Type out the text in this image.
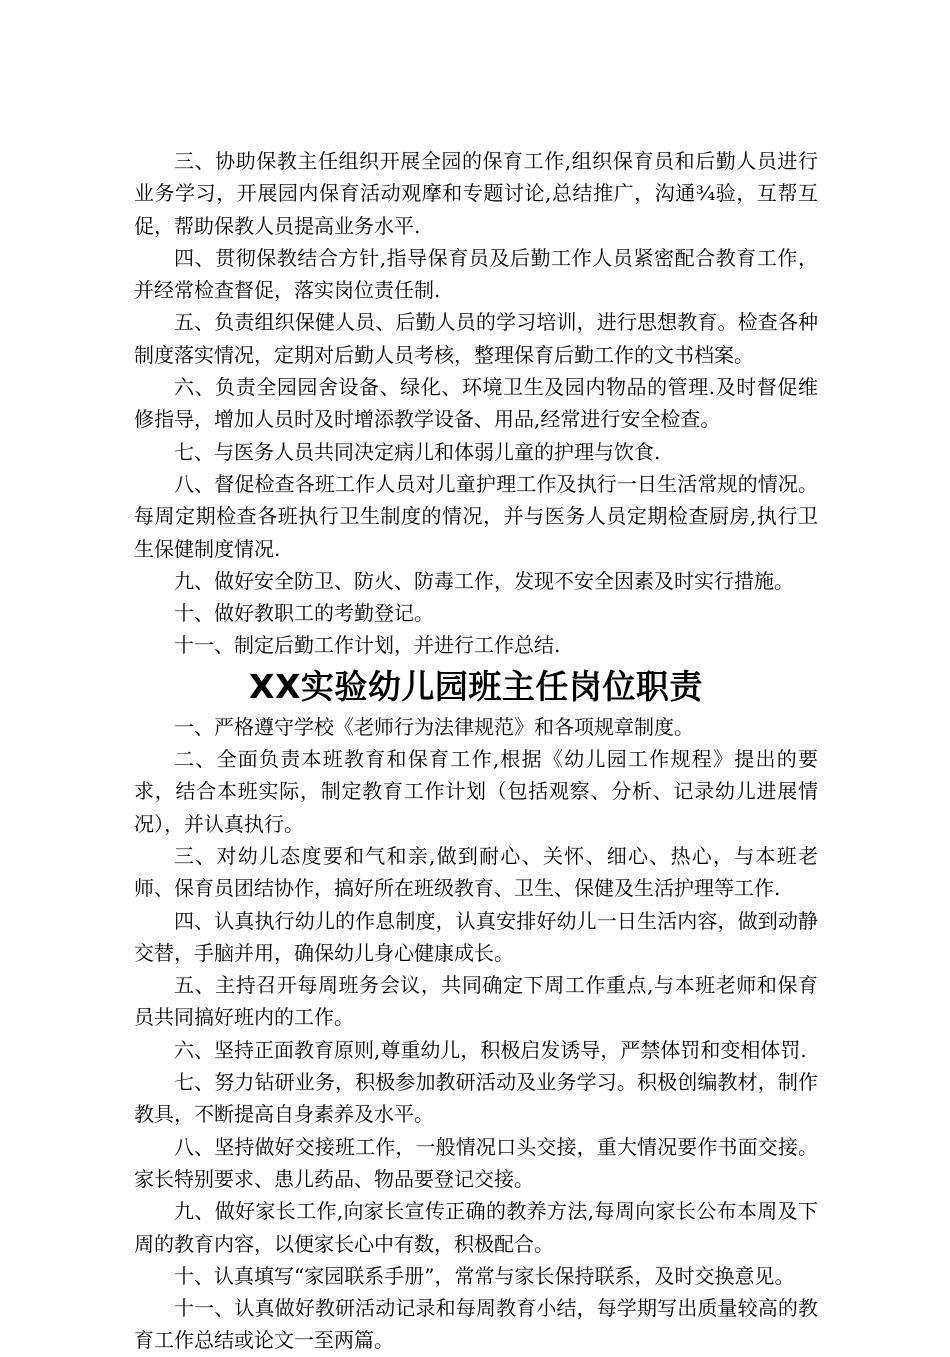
三、协助保教主任组织开展全园的保育工作,组织保育员和后勤人员进行业务学习，开展园内保育活动观摩和专题讨论,总结推广，沟通¾验，互帮互促，帮助保教人员提高业务水平.

四、贯彻保教结合方针,指导保育员及后勤工作人员紧密配合教育工作，并经常检查督促，落实岗位责任制.

五、负责组织保健人员、后勤人员的学习培训，进行思想教育。检查各种制度落实情况，定期对后勤人员考核，整理保育后勤工作的文书档案。

六、负责全园园舍设备、绿化、环境卫生及园内物品的管理.及时督促维修指导，增加人员时及时增添教学设备、用品,经常进行安全检查。

七、与医务人员共同决定病儿和体弱儿童的护理与饮食.

八、督促检查各班工作人员对儿童护理工作及执行一日生活常规的情况。每周定期检查各班执行卫生制度的情况，并与医务人员定期检查厨房,执行卫生保健制度情况.

九、做好安全防卫、防火、防毒工作，发现不安全因素及时实行措施。

十、做好教职工的考勤登记。

十一、制定后勤工作计划，并进行工作总结.

XX实验幼儿园班主任岗位职责

一、严格遵守学校《老师行为法律规范》和各项规章制度。

二、全面负责本班教育和保育工作,根据《幼儿园工作规程》提出的要求，结合本班实际，制定教育工作计划（包括观察、分析、记录幼儿进展情况），并认真执行。

三、对幼儿态度要和气和亲,做到耐心、关怀、细心、热心，与本班老师、保育员团结协作，搞好所在班级教育、卫生、保健及生活护理等工作.

四、认真执行幼儿的作息制度，认真安排好幼儿一日生活内容，做到动静交替，手脑并用，确保幼儿身心健康成长。

五、主持召开每周班务会议，共同确定下周工作重点,与本班老师和保育员共同搞好班内的工作。

六、坚持正面教育原则,尊重幼儿，积极启发诱导，严禁体罚和变相体罚.

七、努力钻研业务，积极参加教研活动及业务学习。积极创编教材，制作教具，不断提高自身素养及水平。

八、坚持做好交接班工作，一般情况口头交接，重大情况要作书面交接。家长特别要求、患儿药品、物品要登记交接。

九、做好家长工作,向家长宣传正确的教养方法,每周向家长公布本周及下周的教育内容，以便家长心中有数，积极配合。

十、认真填写“家园联系手册”，常常与家长保持联系，及时交换意见。

十一、认真做好教研活动记录和每周教育小结，每学期写出质量较高的教育工作总结或论文一至两篇。
